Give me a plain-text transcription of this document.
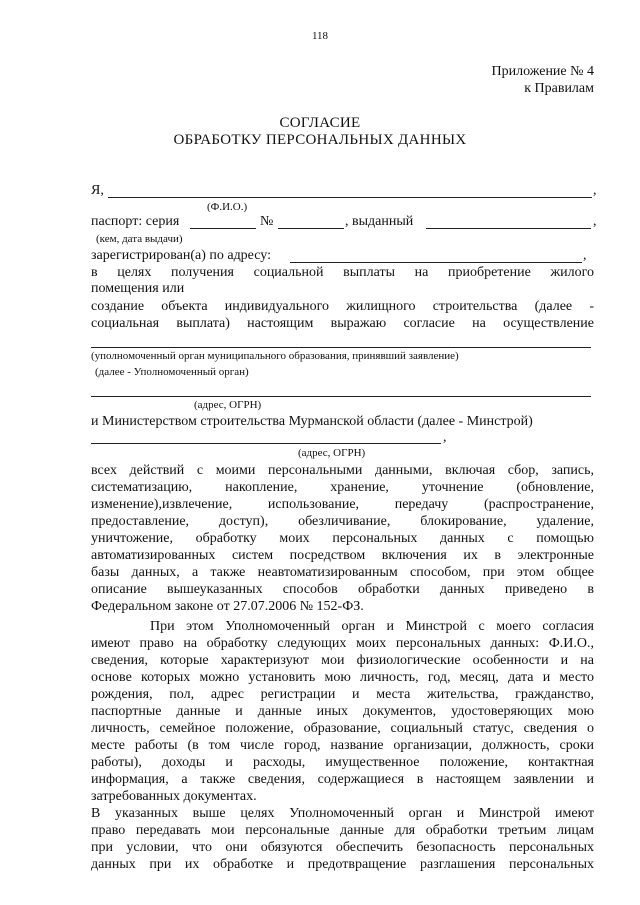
118
Приложение № 4
к Правилам
СОГЛАСИЕ
ОБРАБОТКУ ПЕРСОНАЛЬНЫХ ДАННЫХ
Я,	,
(Ф.И.О.)
паспорт: серия	№	, выданный	,
(кем, дата выдачи)
зарегистрирован(а) по адресу:	,
в целях получения социальной выплаты на приобретение жилого
помещения или
создание объекта индивидуального жилищного строительства (далее -
социальная выплата) настоящим выражаю согласие на осуществление
(уполномоченный орган муниципального образования, принявший заявление)
(далее - Уполномоченный орган)
(адрес, ОГРН)
и Министерством строительства Мурманской области (далее - Минстрой)
,
(адрес, ОГРН)
всех действий с моими персональными данными, включая сбор, запись,
систематизацию, накопление, хранение, уточнение (обновление,
изменение),извлечение, использование, передачу (распространение,
предоставление, доступ), обезличивание, блокирование, удаление,
уничтожение, обработку моих персональных данных с помощью
автоматизированных систем посредством включения их в электронные
базы данных, а также неавтоматизированным способом, при этом общее
описание вышеуказанных способов обработки данных приведено в
Федеральном законе от 27.07.2006 № 152-ФЗ.
При этом Уполномоченный орган и Минстрой с моего согласия
имеют право на обработку следующих моих персональных данных: Ф.И.О.,
сведения, которые характеризуют мои физиологические особенности и на
основе которых можно установить мою личность, год, месяц, дата и место
рождения, пол, адрес регистрации и места жительства, гражданство,
паспортные данные и данные иных документов, удостоверяющих мою
личность, семейное положение, образование, социальный статус, сведения о
месте работы (в том числе город, название организации, должность, сроки
работы), доходы и расходы, имущественное положение, контактная
информация, а также сведения, содержащиеся в настоящем заявлении и
затребованных документах.
В указанных выше целях Уполномоченный орган и Минстрой имеют
право передавать мои персональные данные для обработки третьим лицам
при условии, что они обязуются обеспечить безопасность персональных
данных при их обработке и предотвращение разглашения персональных
